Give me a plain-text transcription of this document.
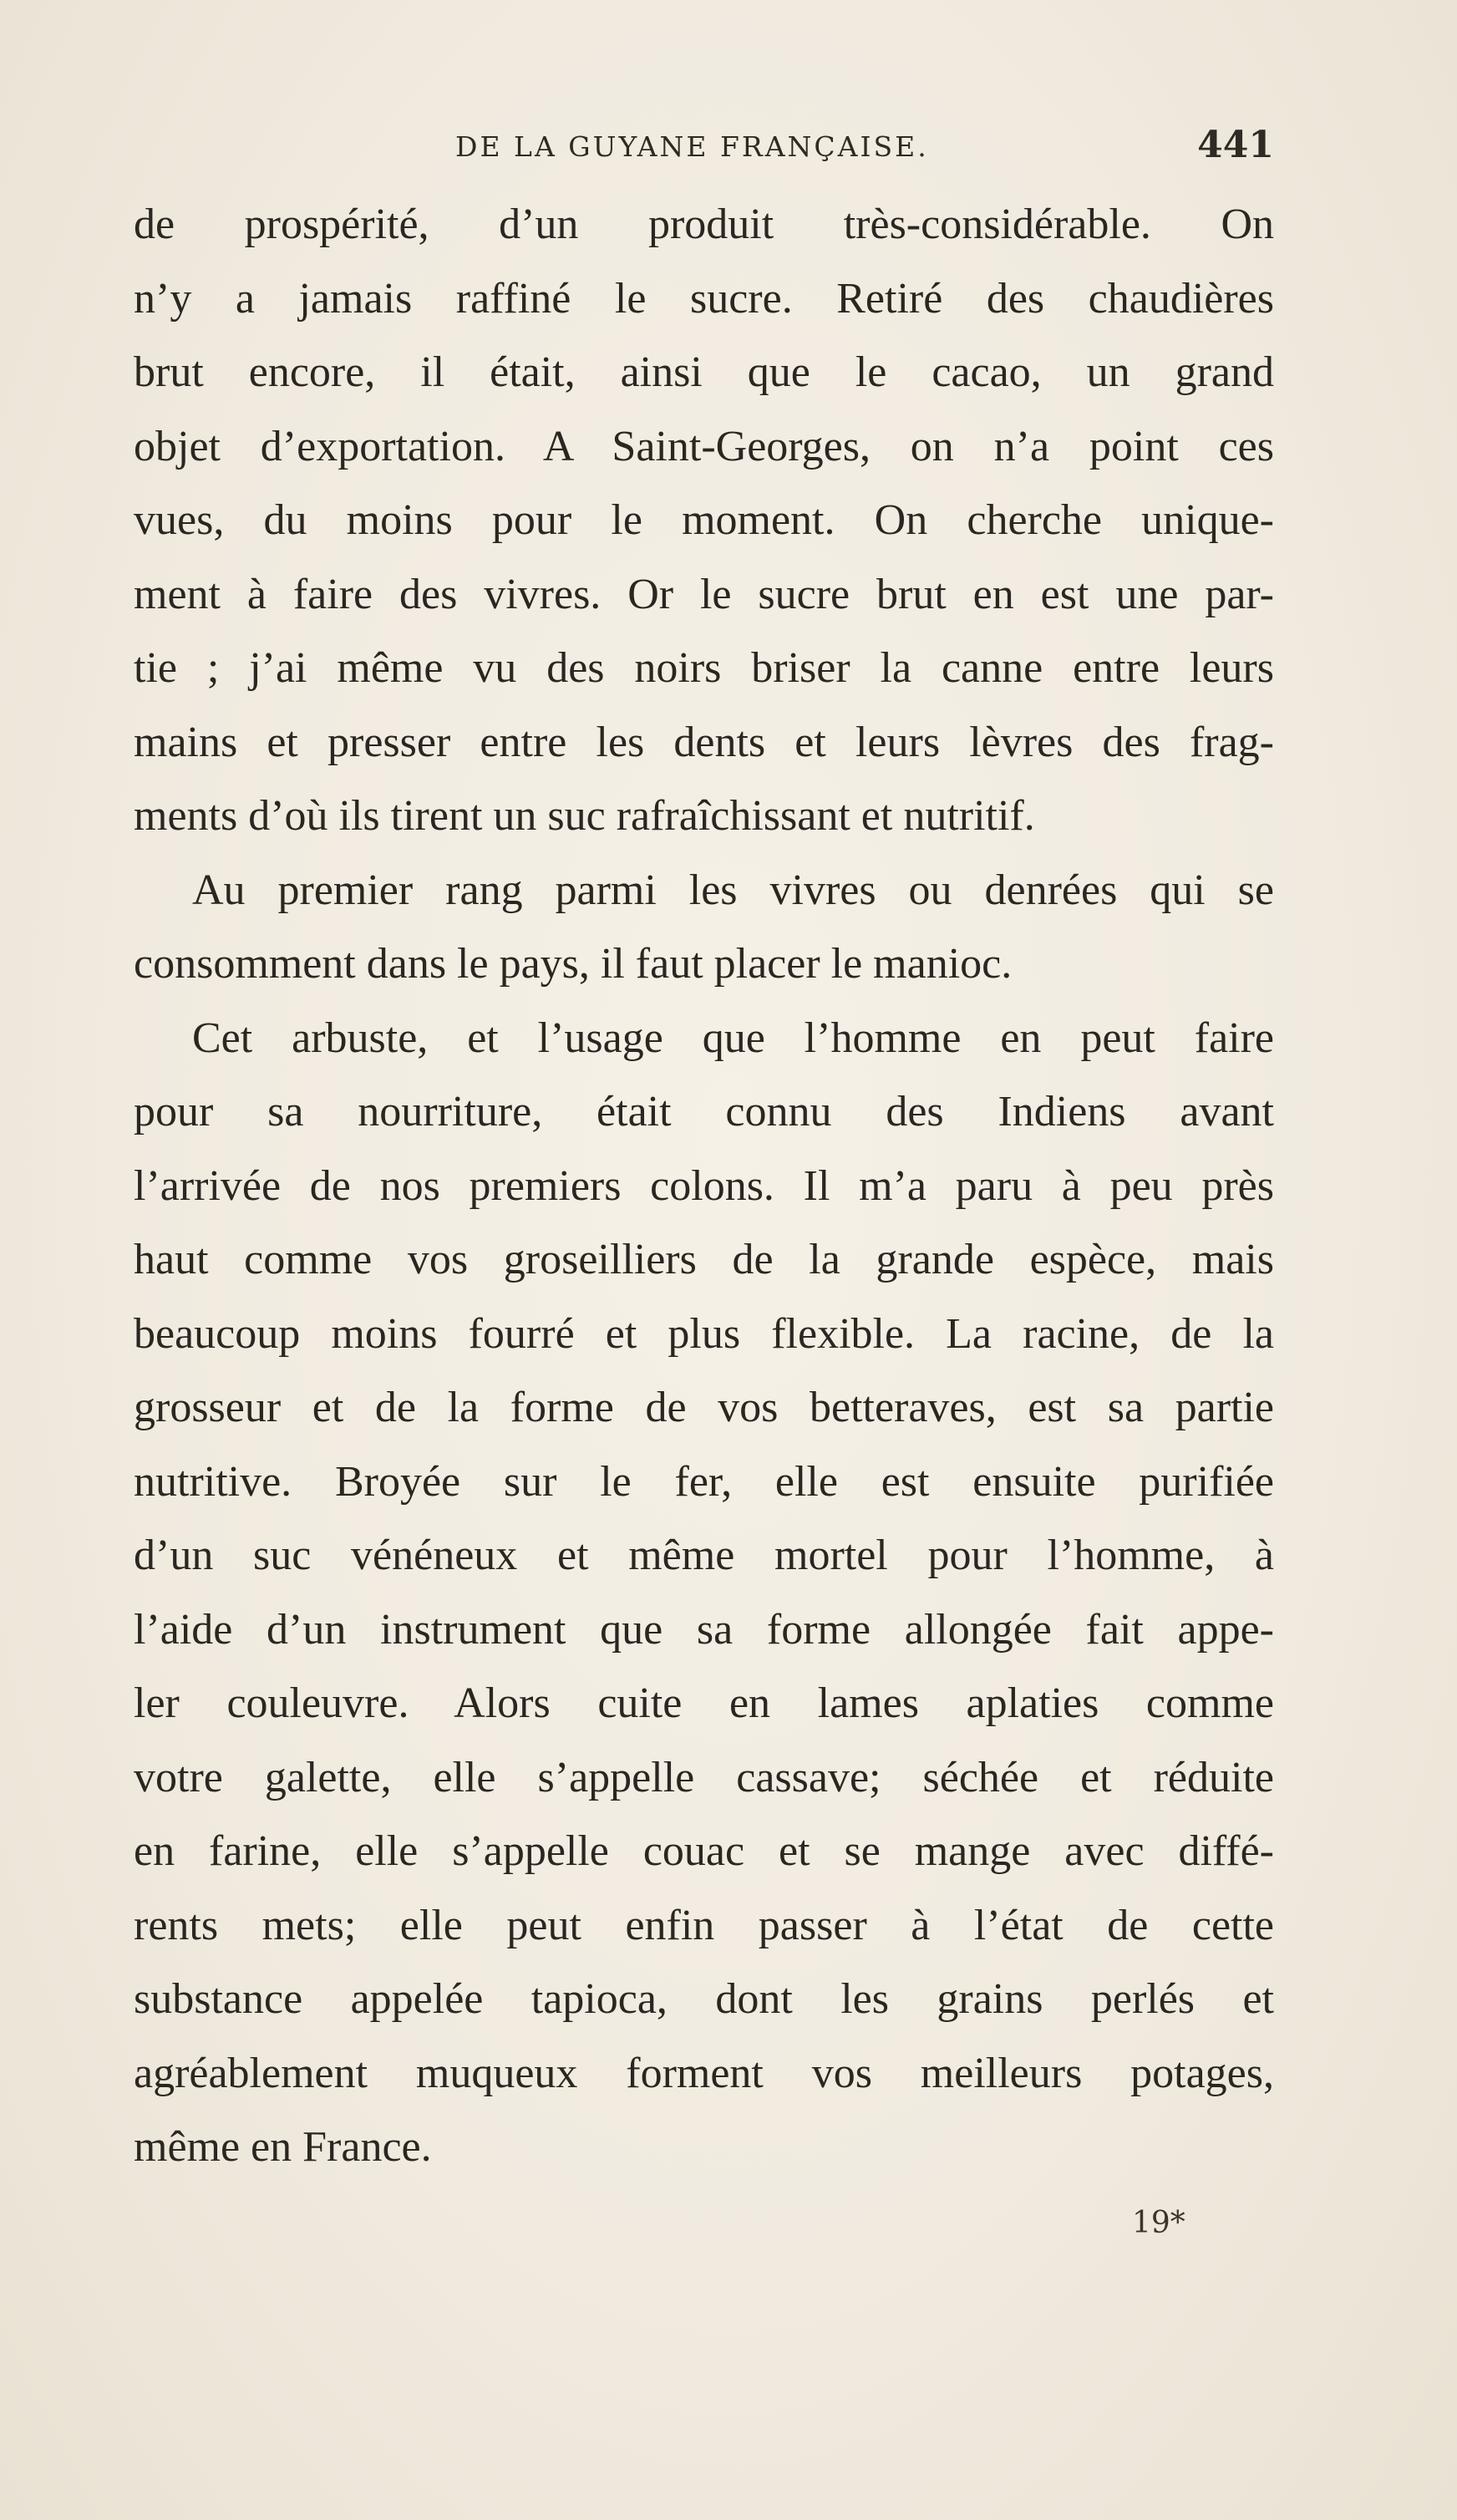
DE LA GUYANE FRANÇAISE.	441

de prospérité, d’un produit très-considérable. On
n’y a jamais raffiné le sucre. Retiré des chaudières
brut encore, il était, ainsi que le cacao, un grand
objet d’exportation. A Saint-Georges, on n’a point ces
vues, du moins pour le moment. On cherche unique-
ment à faire des vivres. Or le sucre brut en est une par-
tie ; j’ai même vu des noirs briser la canne entre leurs
mains et presser entre les dents et leurs lèvres des frag-
ments d’où ils tirent un suc rafraîchissant et nutritif.

Au premier rang parmi les vivres ou denrées qui se
consomment dans le pays, il faut placer le manioc.

Cet arbuste, et l’usage que l’homme en peut faire
pour sa nourriture, était connu des Indiens avant
l’arrivée de nos premiers colons. Il m’a paru à peu près
haut comme vos groseilliers de la grande espèce, mais
beaucoup moins fourré et plus flexible. La racine, de la
grosseur et de la forme de vos betteraves, est sa partie
nutritive. Broyée sur le fer, elle est ensuite purifiée
d’un suc vénéneux et même mortel pour l’homme, à
l’aide d’un instrument que sa forme allongée fait appe-
ler couleuvre. Alors cuite en lames aplaties comme
votre galette, elle s’appelle cassave; séchée et réduite
en farine, elle s’appelle couac et se mange avec diffé-
rents mets; elle peut enfin passer à l’état de cette
substance appelée tapioca, dont les grains perlés et
agréablement muqueux forment vos meilleurs potages,
même en France.

19*
